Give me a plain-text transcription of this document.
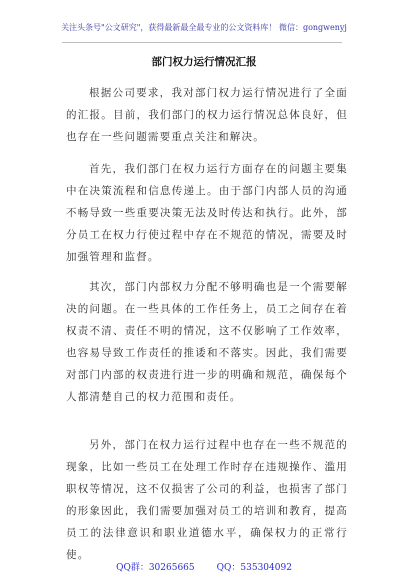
关注头条号"公文研究"，获得最新最全最专业的公文资料库！ 微信：gongwenyj
部门权力运行情况汇报
根据公司要求，我对部门权力运行情况进行了全面的汇报。目前，我们部门的权力运行情况总体良好，但也存在一些问题需要重点关注和解决。
首先，我们部门在权力运行方面存在的问题主要集中在决策流程和信息传递上。由于部门内部人员的沟通不畅导致一些重要决策无法及时传达和执行。此外，部分员工在权力行使过程中存在不规范的情况，需要及时加强管理和监督。
其次，部门内部权力分配不够明确也是一个需要解决的问题。在一些具体的工作任务上，员工之间存在着权责不清、责任不明的情况，这不仅影响了工作效率，也容易导致工作责任的推诿和不落实。因此，我们需要对部门内部的权责进行进一步的明确和规范，确保每个人都清楚自己的权力范围和责任。
另外，部门在权力运行过程中也存在一些不规范的现象，比如一些员工在处理工作时存在违规操作、滥用职权等情况，这不仅损害了公司的利益，也损害了部门的形象因此，我们需要加强对员工的培训和教育，提高员工的法律意识和职业道德水平，确保权力的正常行使。
QQ群：30265665 QQ：535304092
